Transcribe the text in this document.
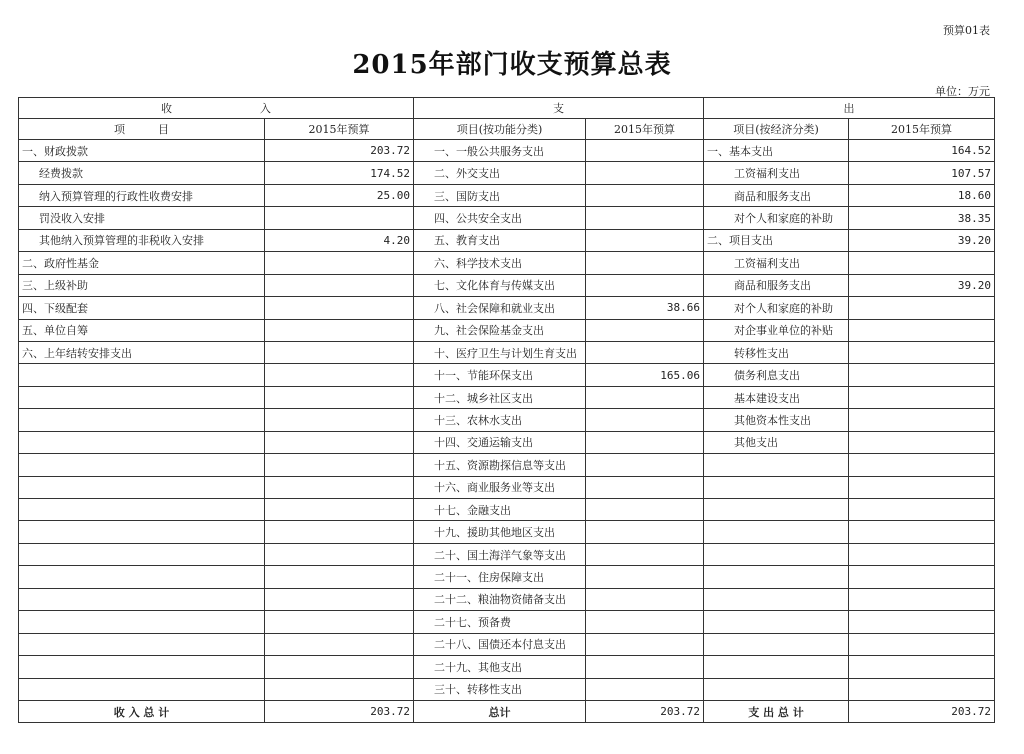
预算01表
2015年部门收支预算总表
单位：万元
收　　　　　　　　入		支		出	
项　　　目	2015年预算	项目(按功能分类)	2015年预算	项目(按经济分类)	2015年预算
一、财政拨款	203.72	一、一般公共服务支出		一、基本支出	164.52
经费拨款	174.52	二、外交支出		工资福利支出	107.57
纳入预算管理的行政性收费安排	25.00	三、国防支出		商品和服务支出	18.60
罚没收入安排		四、公共安全支出		对个人和家庭的补助	38.35
其他纳入预算管理的非税收入安排	4.20	五、教育支出		二、项目支出	39.20
二、政府性基金		六、科学技术支出		工资福利支出	
三、上级补助		七、文化体育与传媒支出		商品和服务支出	39.20
四、下级配套		八、社会保障和就业支出	38.66	对个人和家庭的补助	
五、单位自筹		九、社会保险基金支出		对企事业单位的补贴	
六、上年结转安排支出		十、医疗卫生与计划生育支出		转移性支出	
		十一、节能环保支出	165.06	债务利息支出	
		十二、城乡社区支出		基本建设支出	
		十三、农林水支出		其他资本性支出	
		十四、交通运输支出		其他支出	
		十五、资源勘探信息等支出			
		十六、商业服务业等支出			
		十七、金融支出			
		十九、援助其他地区支出			
		二十、国土海洋气象等支出			
		二十一、住房保障支出			
		二十二、粮油物资储备支出			
		二十七、预备费			
		二十八、国债还本付息支出			
		二十九、其他支出			
		三十、转移性支出			
收 入 总 计	203.72	总计	203.72	支 出 总 计	203.72
